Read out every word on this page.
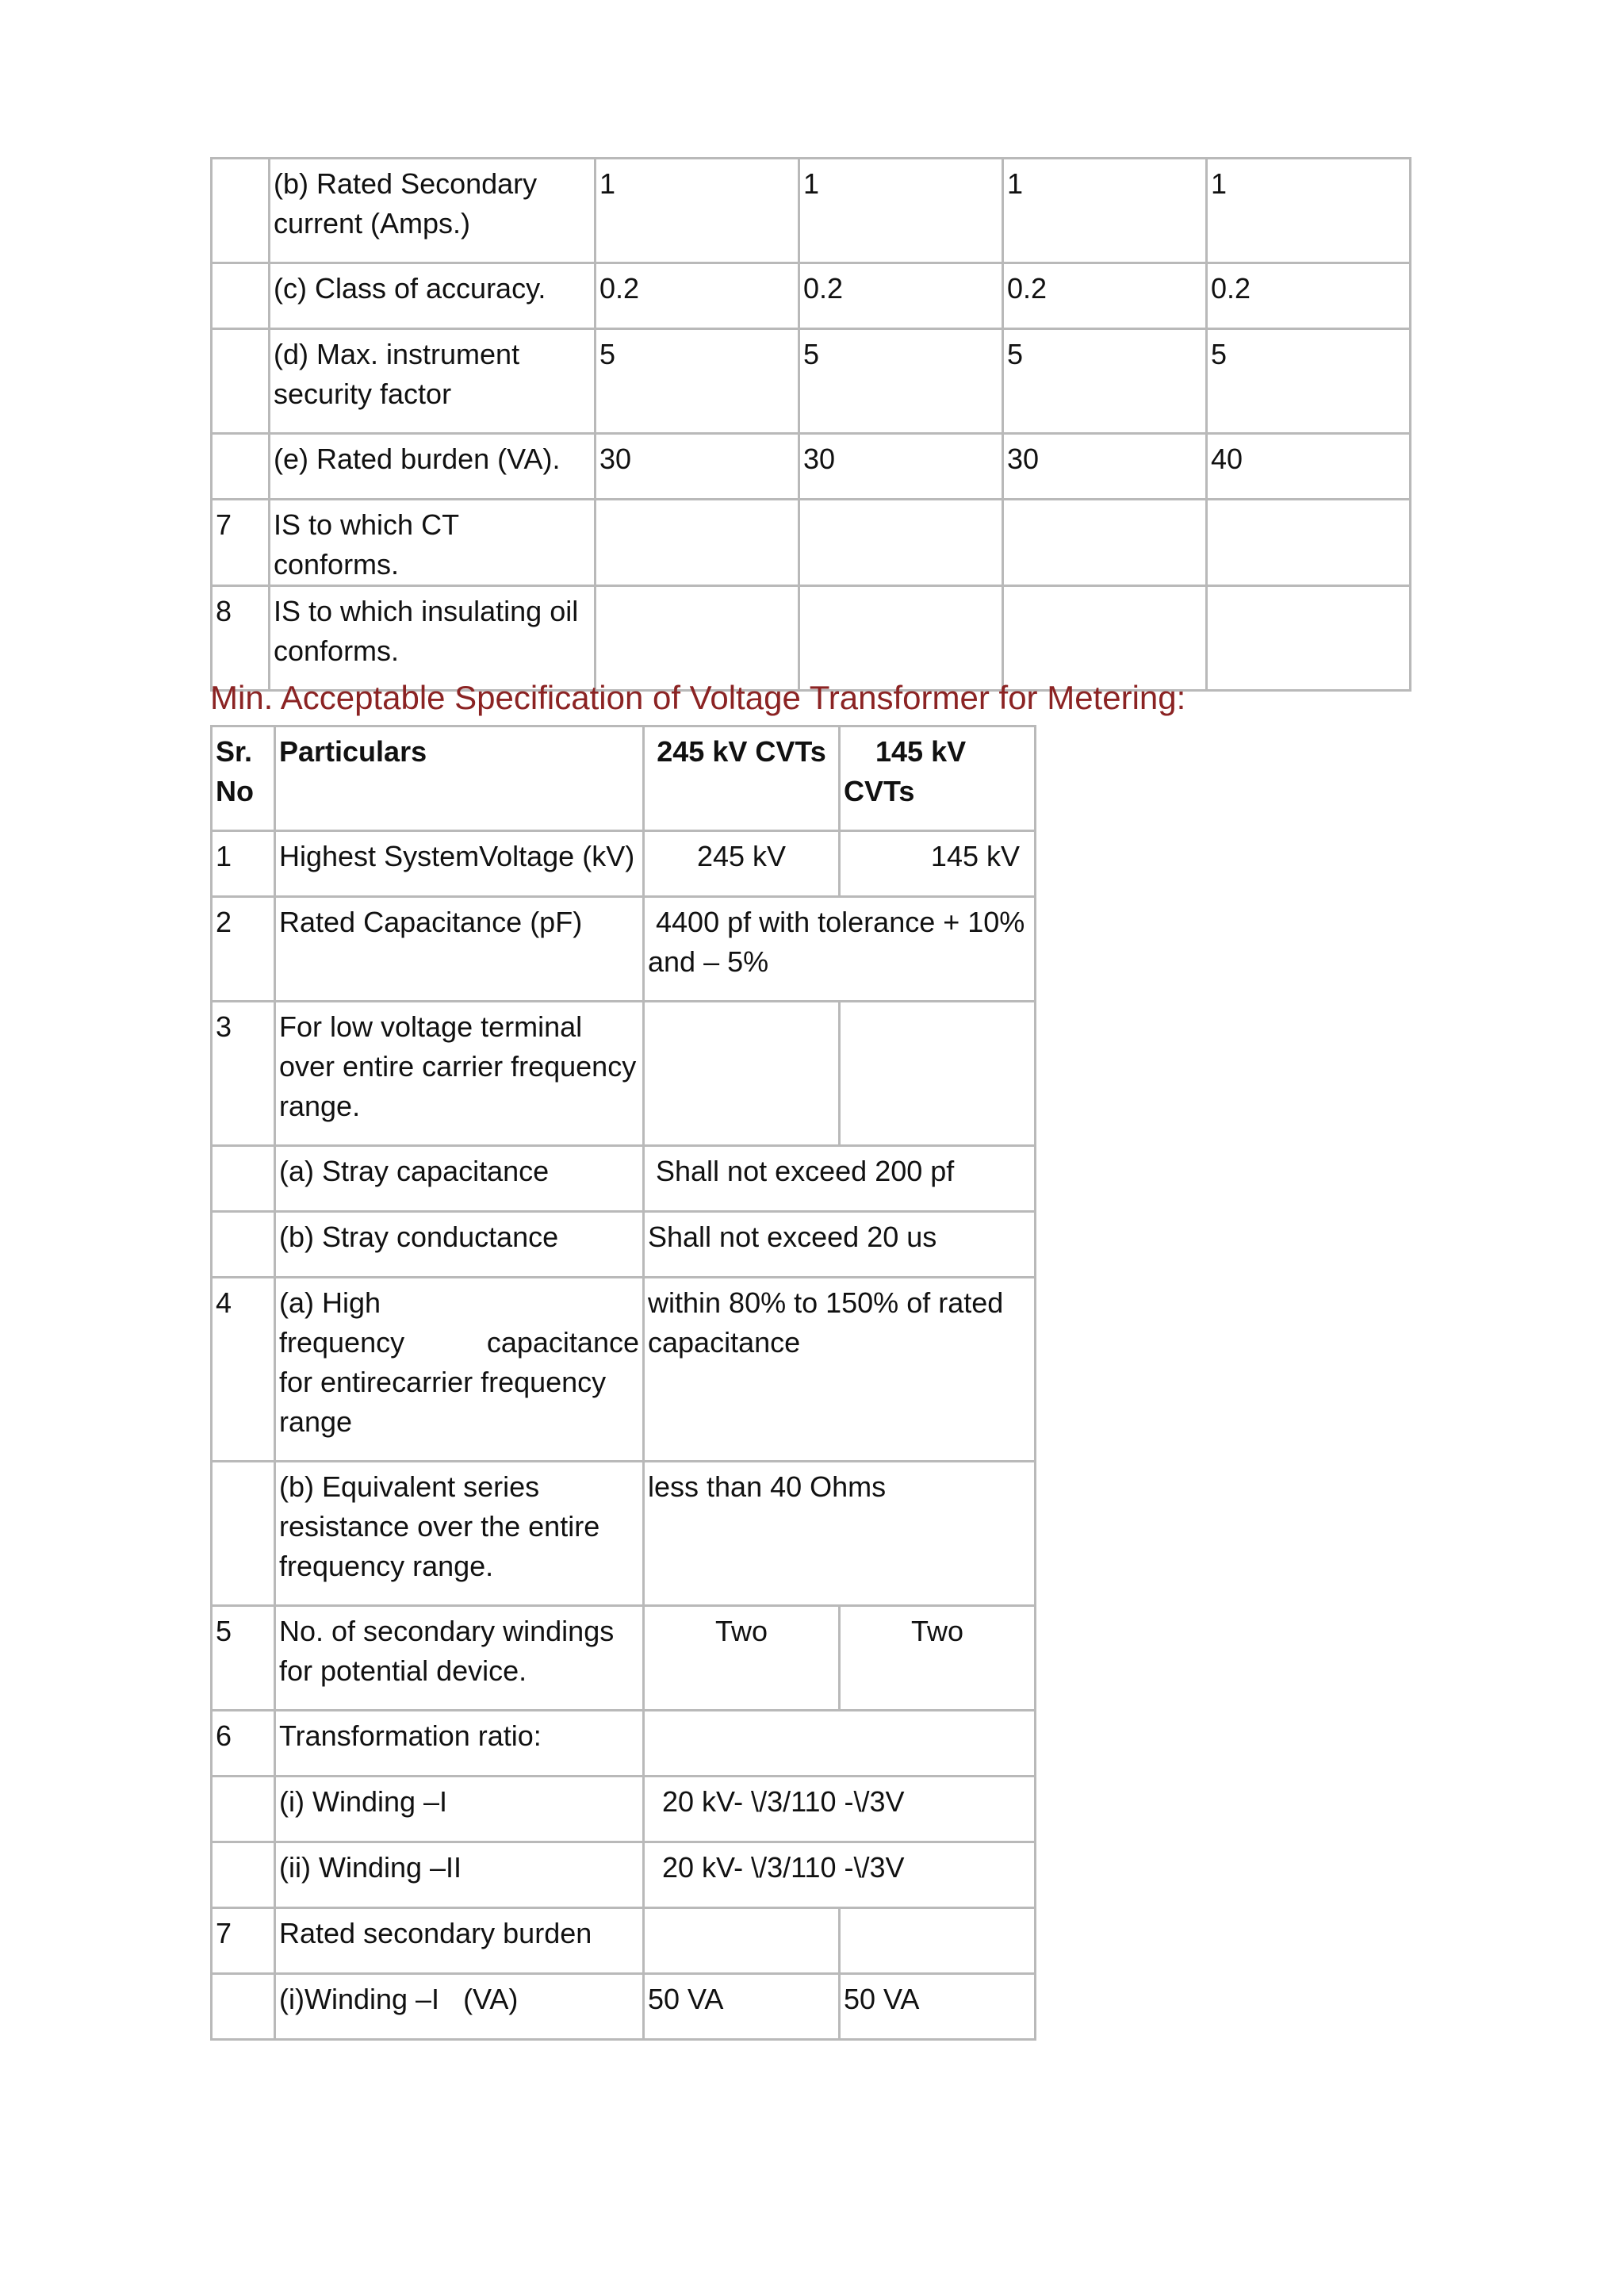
	(b) Rated Secondary current (Amps.)	1	1	1	1
	(c) Class of accuracy.	0.2	0.2	0.2	0.2
	(d) Max. instrument security factor	5	5	5	5
	(e) Rated burden (VA).	30	30	30	40
7	IS to which CT conforms.				
8	IS to which insulating oil conforms.				
Min. Acceptable Specification of Voltage Transformer for Metering:
Sr. No	Particulars	245 kV CVTs	145 kV CVTs
1	Highest SystemVoltage (kV)	245 kV	145 kV
2	Rated Capacitance (pF)	4400 pf with tolerance + 10% and – 5%	
3	For low voltage terminal over entire carrier frequency range.		
	(a) Stray capacitance	Shall not exceed 200 pf	
	(b) Stray conductance	Shall not exceed 20 us	
4	(a) High
frequency capacitance
for entirecarrier frequency range	within 80% to 150% of rated capacitance	
	(b) Equivalent series resistance over the entire frequency range.	less than 40 Ohms	
5	No. of secondary windings for potential device.	Two	Two
6	Transformation ratio:		
	(i) Winding –I	20 kV- \/3/110 -\/3V	
	(ii) Winding –II	20 kV- \/3/110 -\/3V	
7	Rated secondary burden		
	(i)Winding –I   (VA)	50 VA	50 VA
